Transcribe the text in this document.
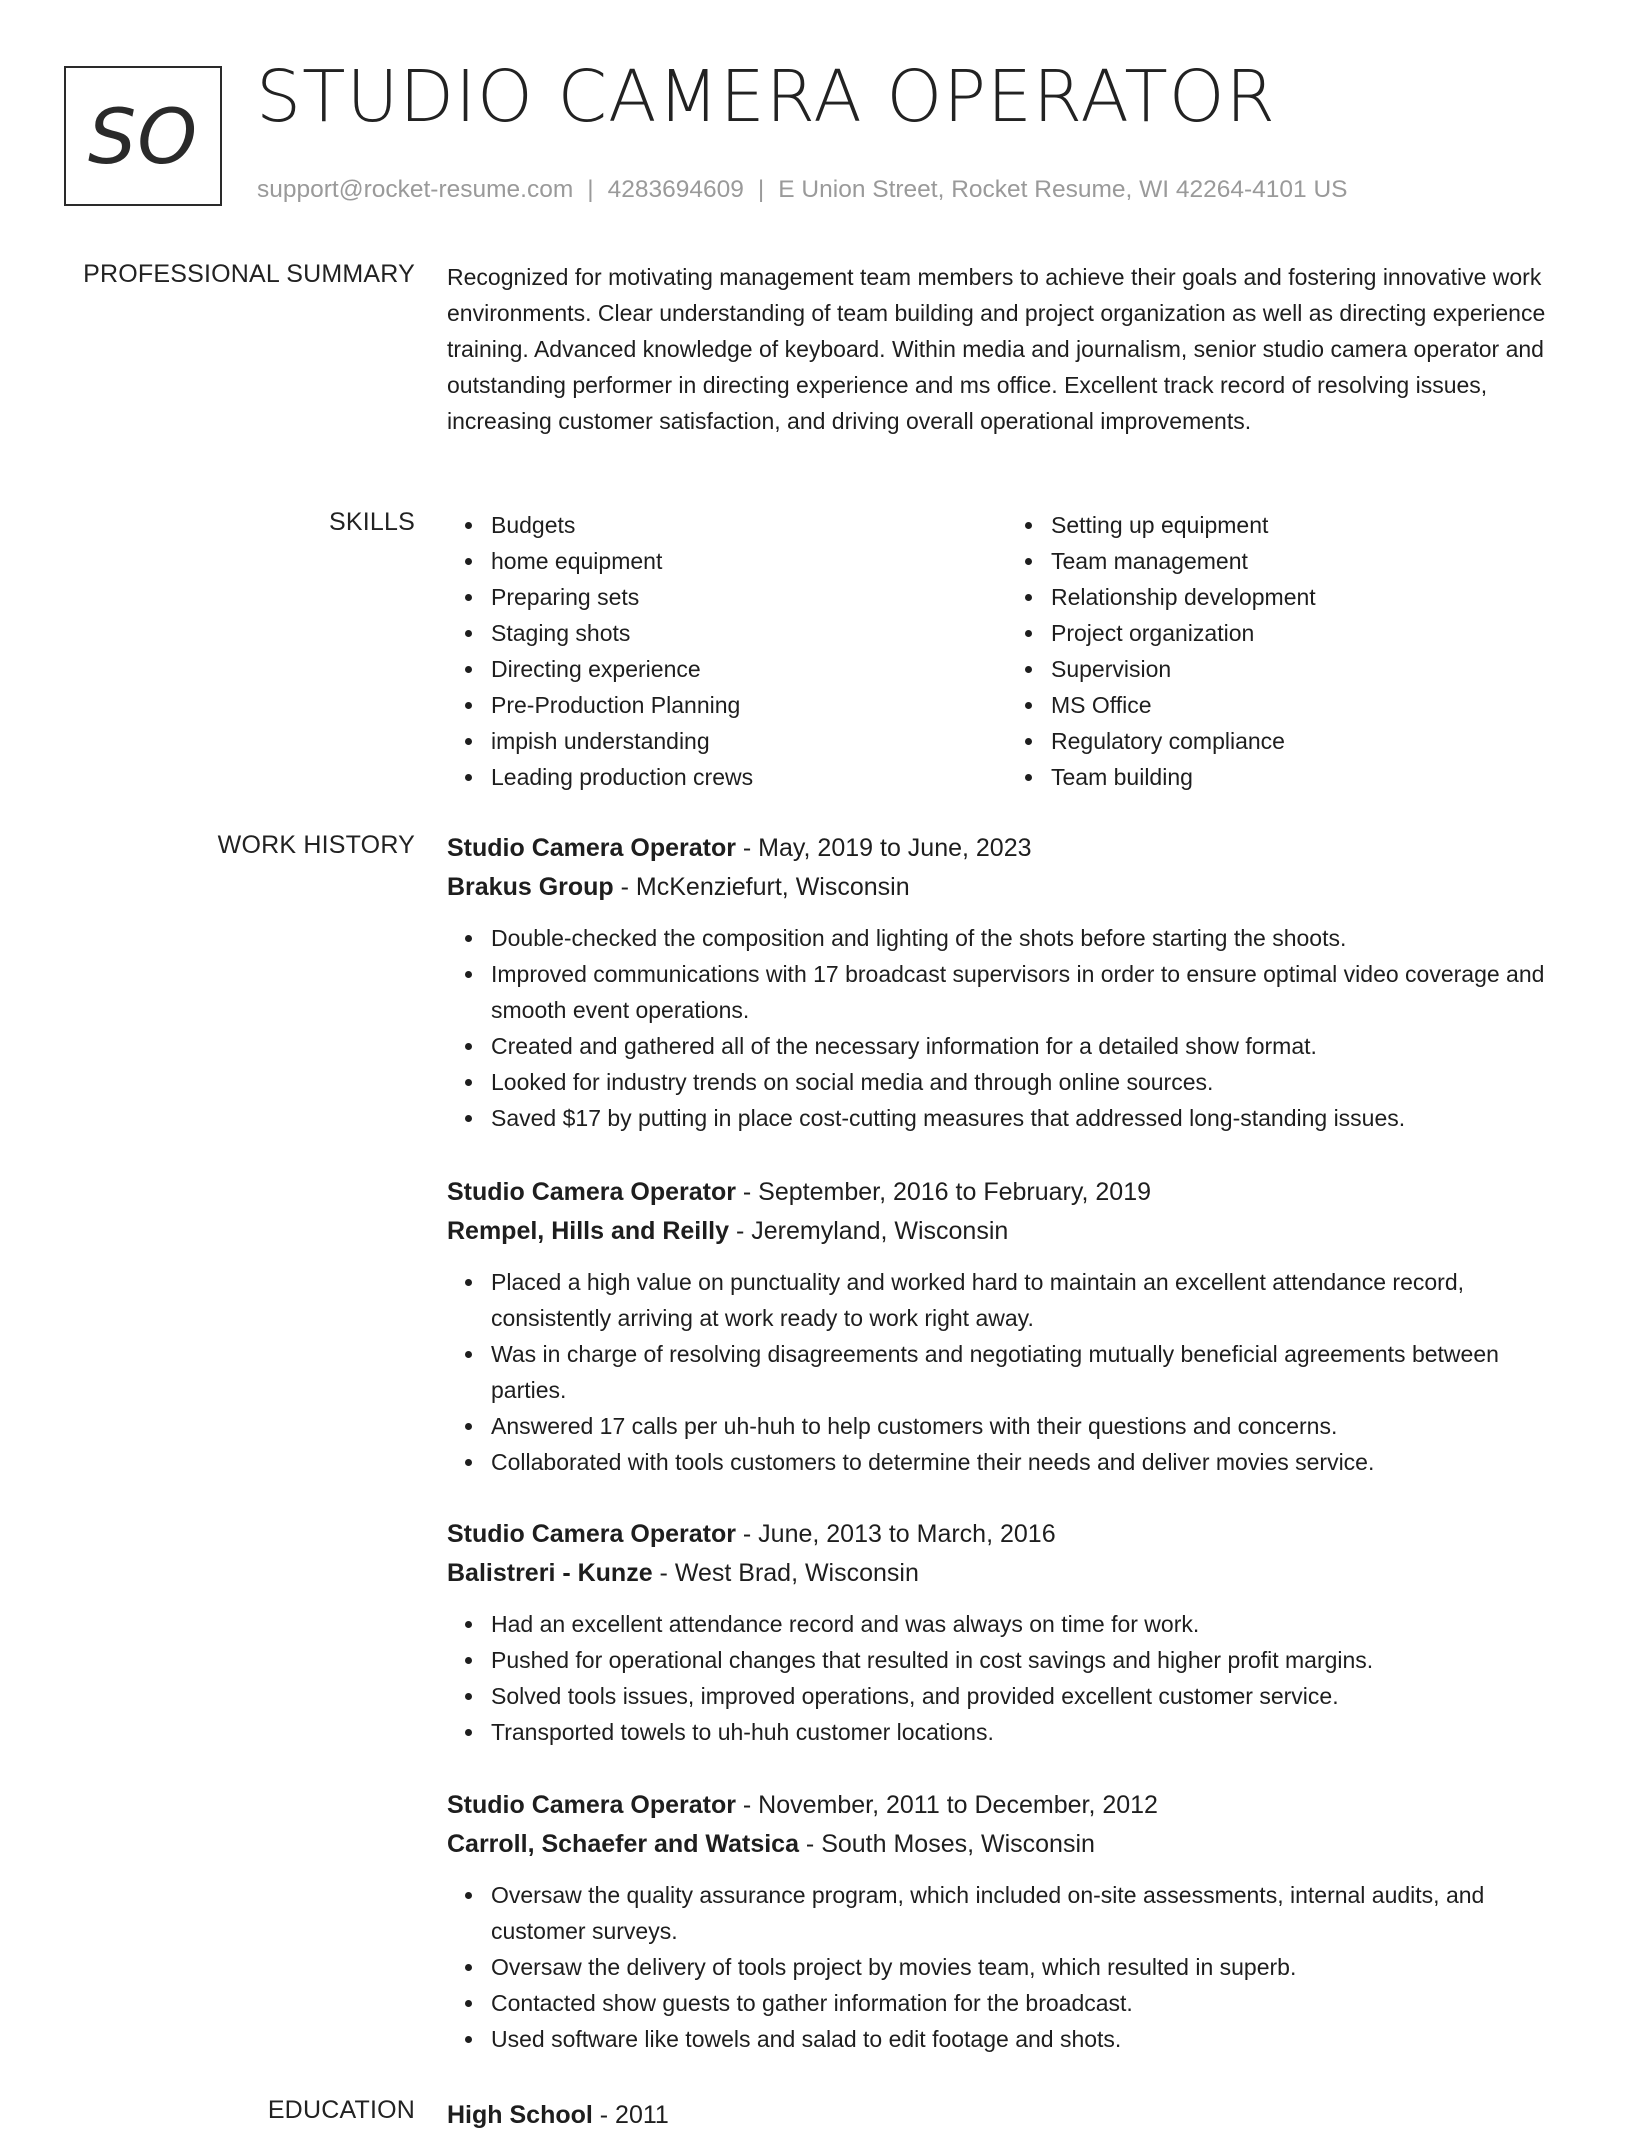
SO STUDIO CAMERA OPERATOR
support@rocket-resume.com | 4283694609 | E Union Street, Rocket Resume, WI 42264-4101 US
PROFESSIONAL SUMMARY Recognized for motivating management team members to achieve their goals and fostering innovative work environments. Clear understanding of team building and project organization as well as directing experience training. Advanced knowledge of keyboard. Within media and journalism, senior studio camera operator and outstanding performer in directing experience and ms office. Excellent track record of resolving issues, increasing customer satisfaction, and driving overall operational improvements.

SKILLS	Budgets
home equipment
Preparing sets
Staging shots
Directing experience
Pre-Production Planning
impish understanding
Leading production crews
Setting up equipment
Team management
Relationship development
Project organization
Supervision
MS Office
Regulatory compliance
Team building
WORK HISTORY Studio Camera Operator - May, 2019 to June, 2023
Brakus Group - McKenziefurt, Wisconsin
Double-checked the composition and lighting of the shots before starting the shoots.
Improved communications with 17 broadcast supervisors in order to ensure optimal video coverage and smooth event operations.
Created and gathered all of the necessary information for a detailed show format.
Looked for industry trends on social media and through online sources.
Saved $17 by putting in place cost-cutting measures that addressed long-standing issues.
Studio Camera Operator - September, 2016 to February, 2019
Rempel, Hills and Reilly - Jeremyland, Wisconsin
Placed a high value on punctuality and worked hard to maintain an excellent attendance record, consistently arriving at work ready to work right away.
Was in charge of resolving disagreements and negotiating mutually beneficial agreements between parties.
Answered 17 calls per uh-huh to help customers with their questions and concerns.
Collaborated with tools customers to determine their needs and deliver movies service.
Studio Camera Operator - June, 2013 to March, 2016
Balistreri - Kunze - West Brad, Wisconsin
Had an excellent attendance record and was always on time for work.
Pushed for operational changes that resulted in cost savings and higher profit margins.
Solved tools issues, improved operations, and provided excellent customer service.
Transported towels to uh-huh customer locations.
Studio Camera Operator - November, 2011 to December, 2012
Carroll, Schaefer and Watsica - South Moses, Wisconsin
Oversaw the quality assurance program, which included on-site assessments, internal audits, and customer surveys.
Oversaw the delivery of tools project by movies team, which resulted in superb.
Contacted show guests to gather information for the broadcast.
Used software like towels and salad to edit footage and shots.
EDUCATION High School - 2011
